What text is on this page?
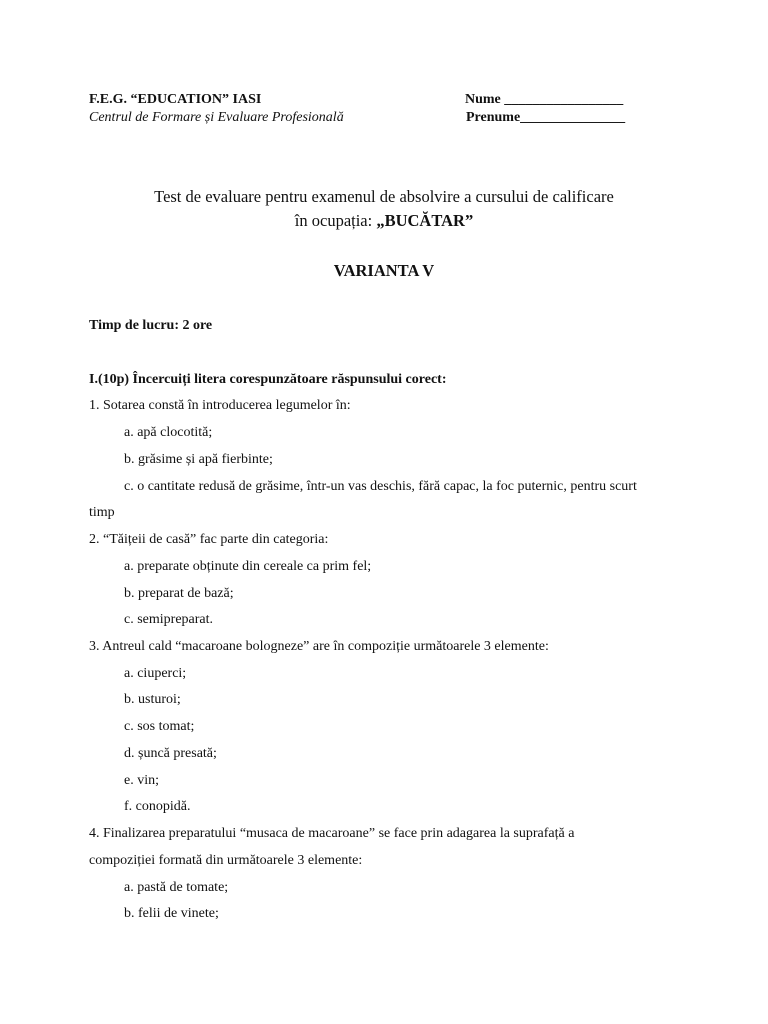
F.E.G. “EDUCATION” IASI
Centrul de Formare și Evaluare Profesională
Nume _________________
Prenume_______________
Test de evaluare pentru examenul de absolvire a cursului de calificare
în ocupația: „BUCĂTAR”
VARIANTA V
Timp de lucru: 2 ore
I.(10p) Încercuiți litera corespunzătoare răspunsului corect:
1. Sotarea constă în introducerea legumelor în:
a. apă clocotită;
b. grăsime și apă fierbinte;
c. o cantitate redusă de grăsime, într-un vas deschis, fără capac, la foc puternic, pentru scurt
timp
2. “Tăițeii de casă” fac parte din categoria:
a. preparate obținute din cereale ca prim fel;
b. preparat de bază;
c. semipreparat.
3. Antreul cald “macaroane bologneze” are în compoziție următoarele 3 elemente:
a. ciuperci;
b. usturoi;
c. sos tomat;
d. șuncă presată;
e. vin;
f. conopidă.
4. Finalizarea preparatului “musaca de macaroane” se face prin adagarea la suprafață a
compoziției formată din următoarele 3 elemente:
a. pastă de tomate;
b. felii de vinete;
